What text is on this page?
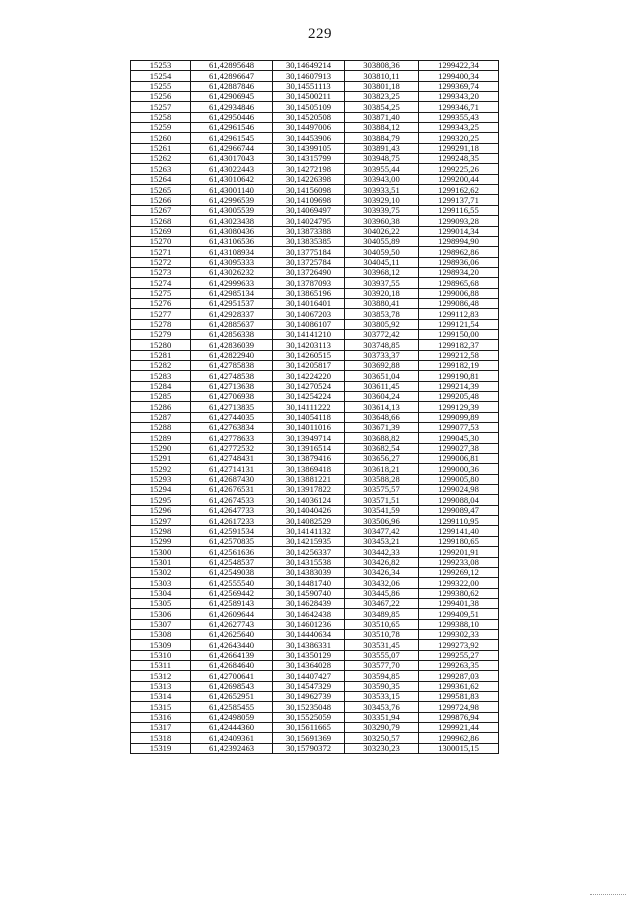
229
15253	61,42895648	30,14649214	303808,36	1299422,34
15254	61,42896647	30,14607913	303810,11	1299400,34
15255	61,42887846	30,14551113	303801,18	1299369,74
15256	61,42906945	30,14500211	303823,25	1299343,20
15257	61,42934846	30,14505109	303854,25	1299346,71
15258	61,42950446	30,14520508	303871,40	1299355,43
15259	61,42961546	30,14497006	303884,12	1299343,25
15260	61,42961545	30,14453906	303884,79	1299320,25
15261	61,42966744	30,14399105	303891,43	1299291,18
15262	61,43017043	30,14315799	303948,75	1299248,35
15263	61,43022443	30,14272198	303955,44	1299225,26
15264	61,43010642	30,14226398	303943,00	1299200,44
15265	61,43001140	30,14156098	303933,51	1299162,62
15266	61,42996539	30,14109698	303929,10	1299137,71
15267	61,43005539	30,14069497	303939,75	1299116,55
15268	61,43023438	30,14024795	303960,38	1299093,28
15269	61,43080436	30,13873388	304026,22	1299014,34
15270	61,43106536	30,13835385	304055,89	1298994,90
15271	61,43108934	30,13775184	304059,50	1298962,86
15272	61,43095333	30,13725784	304045,11	1298936,06
15273	61,43026232	30,13726490	303968,12	1298934,20
15274	61,42999633	30,13787093	303937,55	1298965,68
15275	61,42985134	30,13865196	303920,18	1299006,88
15276	61,42951537	30,14016401	303880,41	1299086,48
15277	61,42928337	30,14067203	303853,78	1299112,83
15278	61,42885637	30,14086107	303805,92	1299121,54
15279	61,42856338	30,14141210	303772,42	1299150,00
15280	61,42836039	30,14203113	303748,85	1299182,37
15281	61,42822940	30,14260515	303733,37	1299212,58
15282	61,42785838	30,14205817	303692,88	1299182,19
15283	61,42748538	30,14224220	303651,04	1299190,81
15284	61,42713638	30,14270524	303611,45	1299214,39
15285	61,42706938	30,14254224	303604,24	1299205,48
15286	61,42713835	30,14111222	303614,13	1299129,39
15287	61,42744035	30,14054118	303648,66	1299099,89
15288	61,42763834	30,14011016	303671,39	1299077,53
15289	61,42778633	30,13949714	303688,82	1299045,30
15290	61,42772532	30,13916514	303682,54	1299027,38
15291	61,42748431	30,13879416	303656,27	1299006,81
15292	61,42714131	30,13869418	303618,21	1299000,36
15293	61,42687430	30,13881221	303588,28	1299005,80
15294	61,42676531	30,13917822	303575,57	1299024,98
15295	61,42674533	30,14036124	303571,51	1299088,04
15296	61,42647733	30,14040426	303541,59	1299089,47
15297	61,42617233	30,14082529	303506,96	1299110,95
15298	61,42591534	30,14141132	303477,42	1299141,40
15299	61,42570835	30,14215935	303453,21	1299180,65
15300	61,42561636	30,14256337	303442,33	1299201,91
15301	61,42548537	30,14315538	303426,82	1299233,08
15302	61,42549038	30,14383039	303426,34	1299269,12
15303	61,42555540	30,14481740	303432,06	1299322,00
15304	61,42569442	30,14590740	303445,86	1299380,62
15305	61,42589143	30,14628439	303467,22	1299401,38
15306	61,42609644	30,14642438	303489,85	1299409,51
15307	61,42627743	30,14601236	303510,65	1299388,10
15308	61,42625640	30,14440634	303510,78	1299302,33
15309	61,42643440	30,14386331	303531,45	1299273,92
15310	61,42664139	30,14350129	303555,07	1299255,27
15311	61,42684640	30,14364028	303577,70	1299263,35
15312	61,42700641	30,14407427	303594,85	1299287,03
15313	61,42698543	30,14547329	303590,35	1299361,62
15314	61,42652951	30,14962739	303533,15	1299581,83
15315	61,42585455	30,15235048	303453,76	1299724,98
15316	61,42498059	30,15525059	303351,94	1299876,94
15317	61,42444360	30,15611665	303290,79	1299921,44
15318	61,42409361	30,15691369	303250,57	1299962,86
15319	61,42392463	30,15790372	303230,23	1300015,15
